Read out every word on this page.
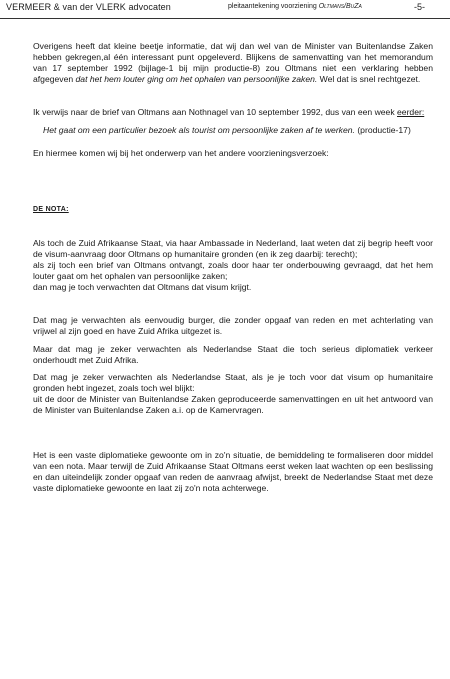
VERMEER & van der VLERK advocaten	pleitaantekening voorziening Oltmans/BuZa	-5-

Overigens heeft dat kleine beetje informatie, dat wij dan wel van de Minister van Buitenlandse Zaken hebben gekregen,al één interessant punt opgeleverd. Blijkens de samenvatting van het memorandum van 17 september 1992 (bijlage-1 bij mijn productie-8) zou Oltmans niet een verklaring hebben afgegeven dat het hem louter ging om het ophalen van persoonlijke zaken. Wel dat is snel rechtgezet.

Ik verwijs naar de brief van Oltmans aan Nothnagel van 10 september 1992, dus van een week eerder:

Het gaat om een particulier bezoek als tourist om persoonlijke zaken af te werken. (productie-17)

En hiermee komen wij bij het onderwerp van het andere voorzieningsverzoek:

DE NOTA:

Als toch de Zuid Afrikaanse Staat, via haar Ambassade in Nederland, laat weten dat zij begrip heeft voor de visum-aanvraag door Oltmans op humanitaire gronden (en ik zeg daarbij: terecht);

als zij toch een brief van Oltmans ontvangt, zoals door haar ter onderbouwing gevraagd, dat het hem louter gaat om het ophalen van persoonlijke zaken;

dan mag je toch verwachten dat Oltmans dat visum krijgt.

Dat mag je verwachten als eenvoudig burger, die zonder opgaaf van reden en met achterlating van vrijwel al zijn goed en have Zuid Afrika uitgezet is.

Maar dat mag je zeker verwachten als Nederlandse Staat die toch serieus diplomatiek verkeer onderhoudt met Zuid Afrika.

Dat mag je zeker verwachten als Nederlandse Staat, als je je toch voor dat visum op humanitaire gronden hebt ingezet, zoals toch wel blijkt:

uit de door de Minister van Buitenlandse Zaken geproduceerde samenvattingen en uit het antwoord van de Minister van Buitenlandse Zaken a.i. op de Kamervragen.

Het is een vaste diplomatieke gewoonte om in zo'n situatie, de bemiddeling te formaliseren door middel van een nota. Maar terwijl de Zuid Afrikaanse Staat Oltmans eerst weken laat wachten op een beslissing en dan uiteindelijk zonder opgaaf van reden de aanvraag afwijst, breekt de Nederlandse Staat met deze vaste diplomatieke gewoonte en laat zij zo'n nota achterwege.
